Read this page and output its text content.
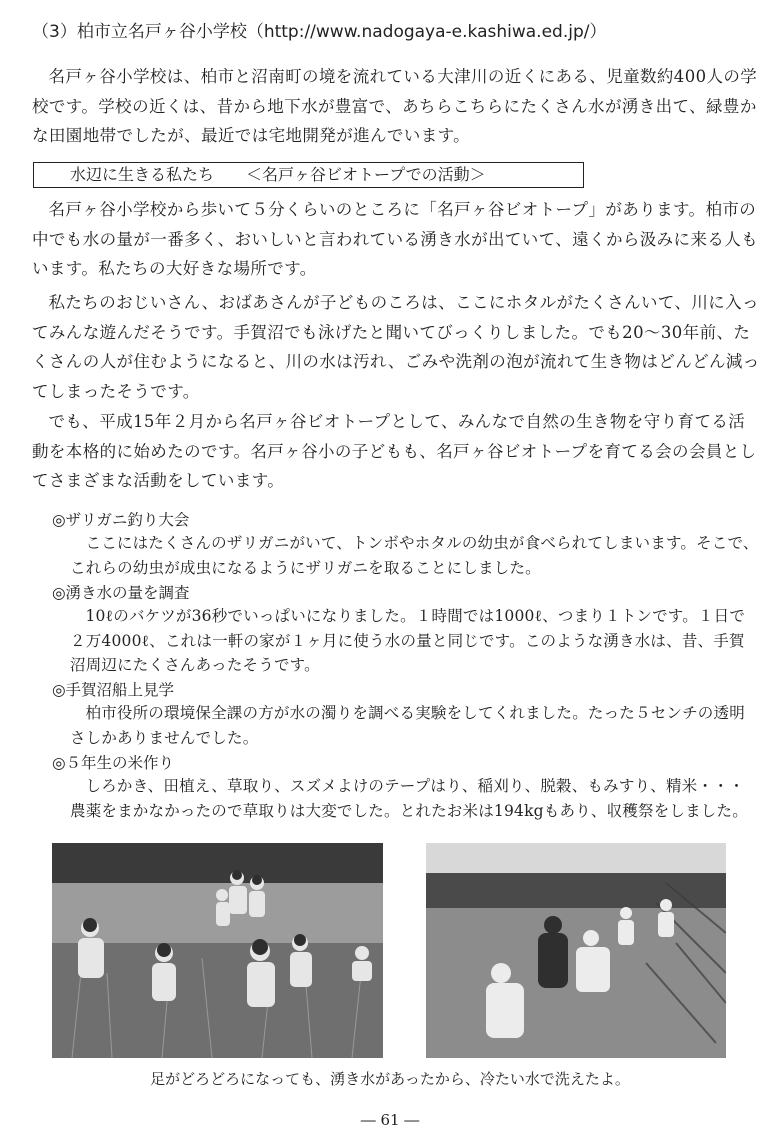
（3）柏市立名戸ヶ谷小学校（http://www.nadogaya-e.kashiwa.ed.jp/）

名戸ヶ谷小学校は、柏市と沼南町の境を流れている大津川の近くにある、児童数約400人の学校です。学校の近くは、昔から地下水が豊富で、あちらこちらにたくさん水が湧き出て、緑豊かな田園地帯でしたが、最近では宅地開発が進んでいます。

水辺に生きる私たち　　＜名戸ヶ谷ビオトープでの活動＞

名戸ヶ谷小学校から歩いて５分くらいのところに「名戸ヶ谷ビオトープ」があります。柏市の中でも水の量が一番多く、おいしいと言われている湧き水が出ていて、遠くから汲みに来る人もいます。私たちの大好きな場所です。

私たちのおじいさん、おばあさんが子どものころは、ここにホタルがたくさんいて、川に入ってみんな遊んだそうです。手賀沼でも泳げたと聞いてびっくりしました。でも20～30年前、たくさんの人が住むようになると、川の水は汚れ、ごみや洗剤の泡が流れて生き物はどんどん減ってしまったそうです。

でも、平成15年２月から名戸ヶ谷ビオトープとして、みんなで自然の生き物を守り育てる活動を本格的に始めたのです。名戸ヶ谷小の子どもも、名戸ヶ谷ビオトープを育てる会の会員としてさまざまな活動をしています。

◎ザリガニ釣り大会

ここにはたくさんのザリガニがいて、トンボやホタルの幼虫が食べられてしまいます。そこで、これらの幼虫が成虫になるようにザリガニを取ることにしました。

◎湧き水の量を調査

10ℓのバケツが36秒でいっぱいになりました。１時間では1000ℓ、つまり１トンです。１日で２万4000ℓ、これは一軒の家が１ヶ月に使う水の量と同じです。このような湧き水は、昔、手賀沼周辺にたくさんあったそうです。

◎手賀沼船上見学

柏市役所の環境保全課の方が水の濁りを調べる実験をしてくれました。たった５センチの透明さしかありませんでした。

◎５年生の米作り

しろかき、田植え、草取り、スズメよけのテープはり、稲刈り、脱穀、もみすり、精米・・・農薬をまかなかったので草取りは大変でした。とれたお米は194kgもあり、収穫祭をしました。

足がどろどろになっても、湧き水があったから、冷たい水で洗えたよ。
― 61 ―
